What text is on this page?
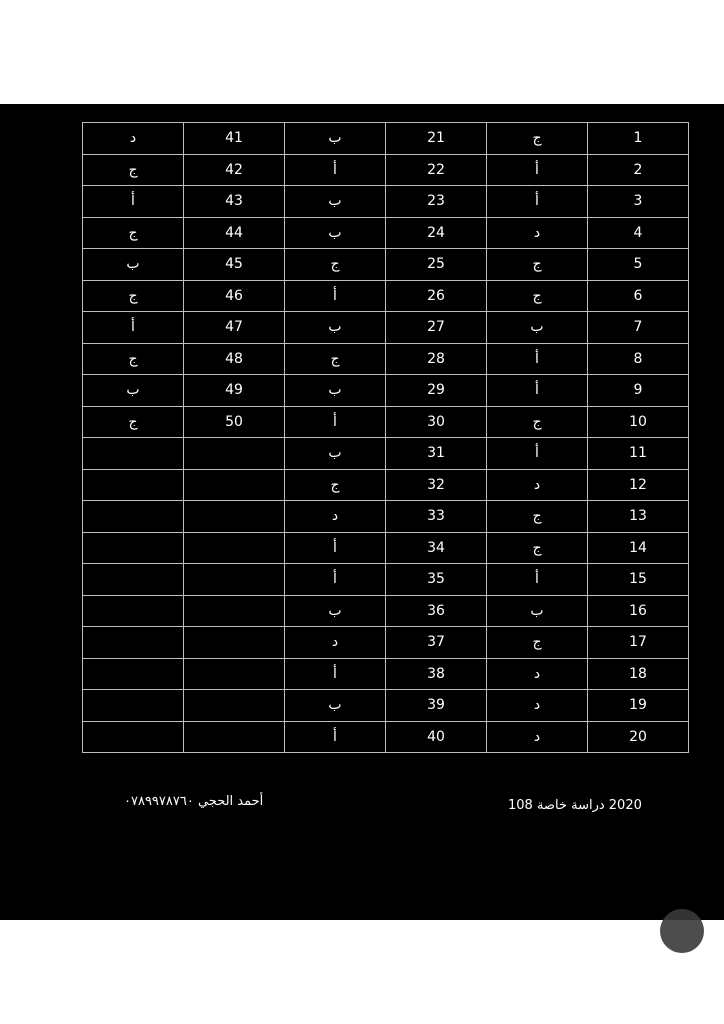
د	41	ب	21	ج	1
ج	42	أ	22	أ	2
أ	43	ب	23	أ	3
ج	44	ب	24	د	4
ب	45	ج	25	ج	5
ج	46	أ	26	ج	6
أ	47	ب	27	ب	7
ج	48	ج	28	أ	8
ب	49	ب	29	أ	9
ج	50	أ	30	ج	10
		ب	31	أ	11
		ج	32	د	12
		د	33	ج	13
		أ	34	ج	14
		أ	35	أ	15
		ب	36	ب	16
		د	37	ج	17
		أ	38	د	18
		ب	39	د	19
		أ	40	د	20
أحمد الحجي ٠٧٨٩٩٧٨٧٦٠	2020 دراسة خاصة 108
